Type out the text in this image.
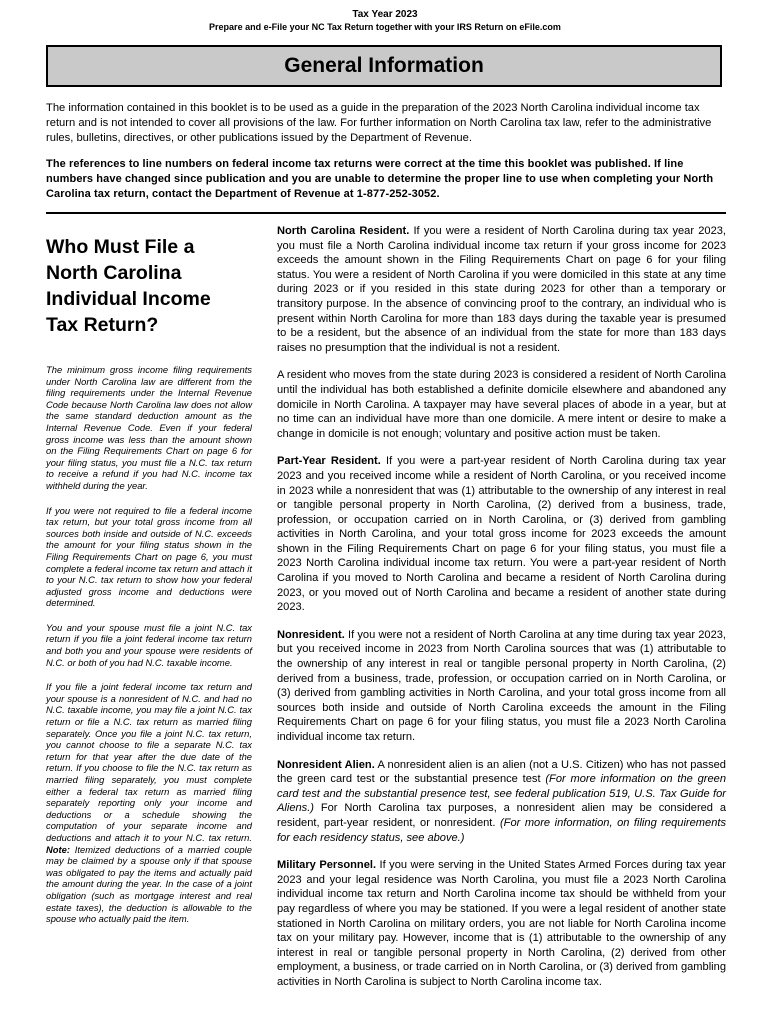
Tax Year 2023
Prepare and e-File your NC Tax Return together with your IRS Return on eFile.com
General Information
The information contained in this booklet is to be used as a guide in the preparation of the 2023 North Carolina individual income tax return and is not intended to cover all provisions of the law. For further information on North Carolina tax law, refer to the administrative rules, bulletins, directives, or other publications issued by the Department of Revenue.
The references to line numbers on federal income tax returns were correct at the time this booklet was published. If line numbers have changed since publication and you are unable to determine the proper line to use when completing your North Carolina tax return, contact the Department of Revenue at 1-877-252-3052.
Who Must File a
North Carolina
Individual Income
Tax Return?

The minimum gross income filing requirements under North Carolina law are different from the filing requirements under the Internal Revenue Code because North Carolina law does not allow the same standard deduction amount as the Internal Revenue Code. Even if your federal gross income was less than the amount shown on the Filing Requirements Chart on page 6 for your filing status, you must file a N.C. tax return to receive a refund if you had N.C. income tax withheld during the year.

If you were not required to file a federal income tax return, but your total gross income from all sources both inside and outside of N.C. exceeds the amount for your filing status shown in the Filing Requirements Chart on page 6, you must complete a federal income tax return and attach it to your N.C. tax return to show how your federal adjusted gross income and deductions were determined.

You and your spouse must file a joint N.C. tax return if you file a joint federal income tax return and both you and your spouse were residents of N.C. or both of you had N.C. taxable income.

If you file a joint federal income tax return and your spouse is a nonresident of N.C. and had no N.C. taxable income, you may file a joint N.C. tax return or file a N.C. tax return as married filing separately. Once you file a joint N.C. tax return, you cannot choose to file a separate N.C. tax return for that year after the due date of the return. If you choose to file the N.C. tax return as married filing separately, you must complete either a federal tax return as married filing separately reporting only your income and deductions or a schedule showing the computation of your separate income and deductions and attach it to your N.C. tax return. Note: Itemized deductions of a married couple may be claimed by a spouse only if that spouse was obligated to pay the items and actually paid the amount during the year. In the case of a joint obligation (such as mortgage interest and real estate taxes), the deduction is allowable to the spouse who actually paid the item.

North Carolina Resident. If you were a resident of North Carolina during tax year 2023, you must file a North Carolina individual income tax return if your gross income for 2023 exceeds the amount shown in the Filing Requirements Chart on page 6 for your filing status. You were a resident of North Carolina if you were domiciled in this state at any time during 2023 or if you resided in this state during 2023 for other than a temporary or transitory purpose. In the absence of convincing proof to the contrary, an individual who is present within North Carolina for more than 183 days during the taxable year is presumed to be a resident, but the absence of an individual from the state for more than 183 days raises no presumption that the individual is not a resident.

A resident who moves from the state during 2023 is considered a resident of North Carolina until the individual has both established a definite domicile elsewhere and abandoned any domicile in North Carolina. A taxpayer may have several places of abode in a year, but at no time can an individual have more than one domicile. A mere intent or desire to make a change in domicile is not enough; voluntary and positive action must be taken.

Part-Year Resident. If you were a part-year resident of North Carolina during tax year 2023 and you received income while a resident of North Carolina, or you received income in 2023 while a nonresident that was (1) attributable to the ownership of any interest in real or tangible personal property in North Carolina, (2) derived from a business, trade, profession, or occupation carried on in North Carolina, or (3) derived from gambling activities in North Carolina, and your total gross income for 2023 exceeds the amount shown in the Filing Requirements Chart on page 6 for your filing status, you must file a 2023 North Carolina individual income tax return. You were a part-year resident of North Carolina if you moved to North Carolina and became a resident of North Carolina during 2023, or you moved out of North Carolina and became a resident of another state during 2023.

Nonresident. If you were not a resident of North Carolina at any time during tax year 2023, but you received income in 2023 from North Carolina sources that was (1) attributable to the ownership of any interest in real or tangible personal property in North Carolina, (2) derived from a business, trade, profession, or occupation carried on in North Carolina, or (3) derived from gambling activities in North Carolina, and your total gross income from all sources both inside and outside of North Carolina exceeds the amount in the Filing Requirements Chart on page 6 for your filing status, you must file a 2023 North Carolina individual income tax return.

Nonresident Alien. A nonresident alien is an alien (not a U.S. Citizen) who has not passed the green card test or the substantial presence test (For more information on the green card test and the substantial presence test, see federal publication 519, U.S. Tax Guide for Aliens.) For North Carolina tax purposes, a nonresident alien may be considered a resident, part-year resident, or nonresident. (For more information, on filing requirements for each residency status, see above.)

Military Personnel. If you were serving in the United States Armed Forces during tax year 2023 and your legal residence was North Carolina, you must file a 2023 North Carolina individual income tax return and North Carolina income tax should be withheld from your pay regardless of where you may be stationed. If you were a legal resident of another state stationed in North Carolina on military orders, you are not liable for North Carolina income tax on your military pay. However, income that is (1) attributable to the ownership of any interest in real or tangible personal property in North Carolina, (2) derived from other employment, a business, or trade carried on in North Carolina, or (3) derived from gambling activities in North Carolina is subject to North Carolina income tax.
